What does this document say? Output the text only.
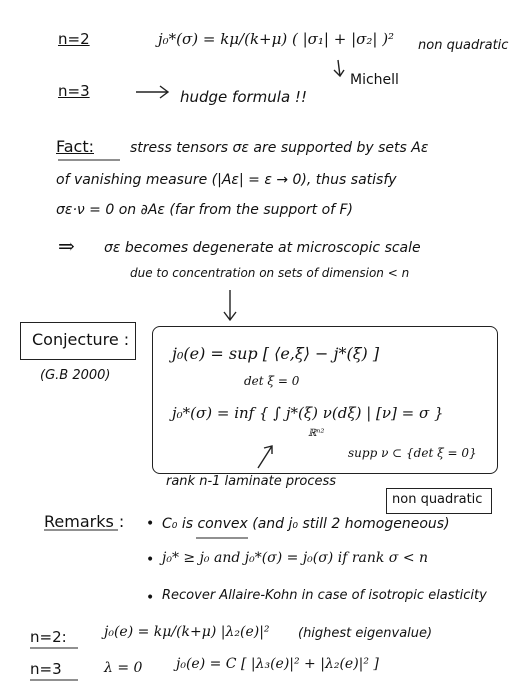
n=2	j₀*(σ) = kμ/(k+μ) ( |σ₁| + |σ₂| )² non quadratic
Michell
n=3	hudge formula !!
Fact:	stress tensors σε are supported by sets Aε
of vanishing measure (|Aε| = ε → 0), thus satisfy
σε·ν = 0 on ∂Aε (far from the support of F)
⇒ σε becomes degenerate at microscopic scale
due to concentration on sets of dimension < n
Conjecture :
(G.B 2000)
j₀(e) = sup [ ⟨e,ξ⟩ − j*(ξ) ]
det ξ = 0
j₀*(σ) = inf { ∫ j*(ξ) ν(dξ) | [ν] = σ }
ℝⁿ²
supp ν ⊂ {det ξ = 0}
rank n-1 laminate process
non quadratic
Remarks : • C₀ is convex (and j₀ still 2 homogeneous)
• j₀* ≥ j₀ and j₀*(σ) = j₀(σ) if rank σ < n
• Recover Allaire-Kohn in case of isotropic elasticity
n=2:	j₀(e) = kμ/(k+μ) |λ₂(e)|² (highest eigenvalue)
n=3	λ = 0 j₀(e) = C [ |λ₃(e)|² + |λ₂(e)|² ]
